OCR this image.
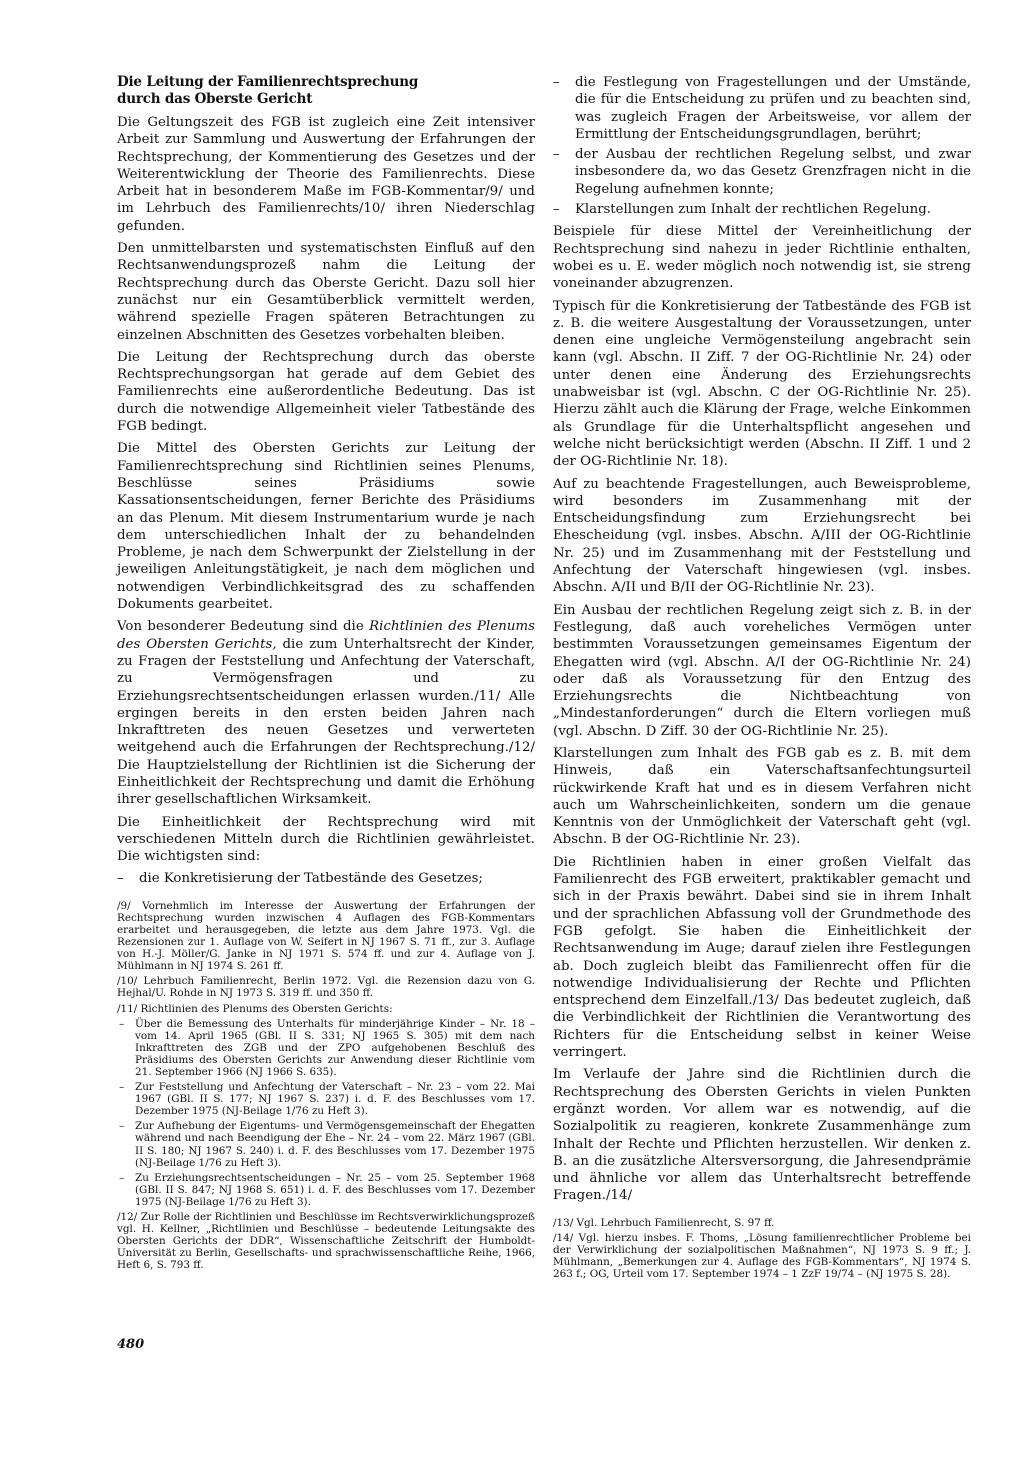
Die Leitung der Familienrechtsprechung
durch das Oberste Gericht

Die Geltungszeit des FGB ist zugleich eine Zeit intensiver Arbeit zur Sammlung und Auswertung der Erfahrungen der Rechtsprechung, der Kommentierung des Gesetzes und der Weiterentwicklung der Theorie des Familienrechts. Diese Arbeit hat in besonderem Maße im FGB-Kommentar/9/ und im Lehrbuch des Familienrechts/10/ ihren Niederschlag gefunden.

Den unmittelbarsten und systematischsten Einfluß auf den Rechtsanwendungsprozeß nahm die Leitung der Rechtsprechung durch das Oberste Gericht. Dazu soll hier zunächst nur ein Gesamtüberblick vermittelt werden, während spezielle Fragen späteren Betrachtungen zu einzelnen Abschnitten des Gesetzes vorbehalten bleiben.

Die Leitung der Rechtsprechung durch das oberste Rechtsprechungsorgan hat gerade auf dem Gebiet des Familienrechts eine außerordentliche Bedeutung. Das ist durch die notwendige Allgemeinheit vieler Tatbestände des FGB bedingt.

Die Mittel des Obersten Gerichts zur Leitung der Familienrechtsprechung sind Richtlinien seines Plenums, Beschlüsse seines Präsidiums sowie Kassationsentscheidungen, ferner Berichte des Präsidiums an das Plenum. Mit diesem Instrumentarium wurde je nach dem unterschiedlichen Inhalt der zu behandelnden Probleme, je nach dem Schwerpunkt der Zielstellung in der jeweiligen Anleitungstätigkeit, je nach dem möglichen und notwendigen Verbindlichkeitsgrad des zu schaffenden Dokuments gearbeitet.

Von besonderer Bedeutung sind die Richtlinien des Plenums des Obersten Gerichts, die zum Unterhaltsrecht der Kinder, zu Fragen der Feststellung und Anfechtung der Vaterschaft, zu Vermögensfragen und zu Erziehungsrechtsentscheidungen erlassen wurden./11/ Alle ergingen bereits in den ersten beiden Jahren nach Inkrafttreten des neuen Gesetzes und verwerteten weitgehend auch die Erfahrungen der Rechtsprechung./12/ Die Hauptzielstellung der Richtlinien ist die Sicherung der Einheitlichkeit der Rechtsprechung und damit die Erhöhung ihrer gesellschaftlichen Wirksamkeit.

Die Einheitlichkeit der Rechtsprechung wird mit verschiedenen Mitteln durch die Richtlinien gewährleistet. Die wichtigsten sind:

– die Konkretisierung der Tatbestände des Gesetzes;

/9/ Vornehmlich im Interesse der Auswertung der Erfahrungen der Rechtsprechung wurden inzwischen 4 Auflagen des FGB-Kommentars erarbeitet und herausgegeben, die letzte aus dem Jahre 1973. Vgl. die Rezensionen zur 1. Auflage von W. Seifert in NJ 1967 S. 71 ff., zur 3. Auflage von H.-J. Möller/G. Janke in NJ 1971 S. 574 ff. und zur 4. Auflage von J. Mühlmann in NJ 1974 S. 261 ff.

/10/ Lehrbuch Familienrecht, Berlin 1972. Vgl. die Rezension dazu von G. Hejhal/U. Rohde in NJ 1973 S. 319 ff. und 350 ff.

/11/ Richtlinien des Plenums des Obersten Gerichts:

– Über die Bemessung des Unterhalts für minderjährige Kinder – Nr. 18 – vom 14. April 1965 (GBl. II S. 331; NJ 1965 S. 305) mit dem nach Inkrafttreten des ZGB und der ZPO aufgehobenen Beschluß des Präsidiums des Obersten Gerichts zur Anwendung dieser Richtlinie vom 21. September 1966 (NJ 1966 S. 635).
– Zur Feststellung und Anfechtung der Vaterschaft – Nr. 23 – vom 22. Mai 1967 (GBl. II S. 177; NJ 1967 S. 237) i. d. F. des Beschlusses vom 17. Dezember 1975 (NJ-Beilage 1/76 zu Heft 3).
– Zur Aufhebung der Eigentums- und Vermögensgemeinschaft der Ehegatten während und nach Beendigung der Ehe – Nr. 24 – vom 22. März 1967 (GBl. II S. 180; NJ 1967 S. 240) i. d. F. des Beschlusses vom 17. Dezember 1975 (NJ-Beilage 1/76 zu Heft 3).
– Zu Erziehungsrechtsentscheidungen – Nr. 25 – vom 25. September 1968 (GBl. II S. 847; NJ 1968 S. 651) i. d. F. des Beschlusses vom 17. Dezember 1975 (NJ-Beilage 1/76 zu Heft 3).

/12/ Zur Rolle der Richtlinien und Beschlüsse im Rechtsverwirklichungsprozeß vgl. H. Kellner, „Richtlinien und Beschlüsse – bedeutende Leitungsakte des Obersten Gerichts der DDR“, Wissenschaftliche Zeitschrift der Humboldt-Universität zu Berlin, Gesellschafts- und sprachwissenschaftliche Reihe, 1966, Heft 6, S. 793 ff.

– die Festlegung von Fragestellungen und der Umstände, die für die Entscheidung zu prüfen und zu beachten sind, was zugleich Fragen der Arbeitsweise, vor allem der Ermittlung der Entscheidungsgrundlagen, berührt;
– der Ausbau der rechtlichen Regelung selbst, und zwar insbesondere da, wo das Gesetz Grenzfragen nicht in die Regelung aufnehmen konnte;
– Klarstellungen zum Inhalt der rechtlichen Regelung.

Beispiele für diese Mittel der Vereinheitlichung der Rechtsprechung sind nahezu in jeder Richtlinie enthalten, wobei es u. E. weder möglich noch notwendig ist, sie streng voneinander abzugrenzen.

Typisch für die Konkretisierung der Tatbestände des FGB ist z. B. die weitere Ausgestaltung der Voraussetzungen, unter denen eine ungleiche Vermögensteilung angebracht sein kann (vgl. Abschn. II Ziff. 7 der OG-Richtlinie Nr. 24) oder unter denen eine Änderung des Erziehungsrechts unabweisbar ist (vgl. Abschn. C der OG-Richtlinie Nr. 25). Hierzu zählt auch die Klärung der Frage, welche Einkommen als Grundlage für die Unterhaltspflicht angesehen und welche nicht berücksichtigt werden (Abschn. II Ziff. 1 und 2 der OG-Richtlinie Nr. 18).

Auf zu beachtende Fragestellungen, auch Beweisprobleme, wird besonders im Zusammenhang mit der Entscheidungsfindung zum Erziehungsrecht bei Ehescheidung (vgl. insbes. Abschn. A/III der OG-Richtlinie Nr. 25) und im Zusammenhang mit der Feststellung und Anfechtung der Vaterschaft hingewiesen (vgl. insbes. Abschn. A/II und B/II der OG-Richtlinie Nr. 23).

Ein Ausbau der rechtlichen Regelung zeigt sich z. B. in der Festlegung, daß auch voreheliches Vermögen unter bestimmten Voraussetzungen gemeinsames Eigentum der Ehegatten wird (vgl. Abschn. A/I der OG-Richtlinie Nr. 24) oder daß als Voraussetzung für den Entzug des Erziehungsrechts die Nichtbeachtung von „Mindestanforderungen“ durch die Eltern vorliegen muß (vgl. Abschn. D Ziff. 30 der OG-Richtlinie Nr. 25).

Klarstellungen zum Inhalt des FGB gab es z. B. mit dem Hinweis, daß ein Vaterschaftsanfechtungsurteil rückwirkende Kraft hat und es in diesem Verfahren nicht auch um Wahrscheinlichkeiten, sondern um die genaue Kenntnis von der Unmöglichkeit der Vaterschaft geht (vgl. Abschn. B der OG-Richtlinie Nr. 23).

Die Richtlinien haben in einer großen Vielfalt das Familienrecht des FGB erweitert, praktikabler gemacht und sich in der Praxis bewährt. Dabei sind sie in ihrem Inhalt und der sprachlichen Abfassung voll der Grundmethode des FGB gefolgt. Sie haben die Einheitlichkeit der Rechtsanwendung im Auge; darauf zielen ihre Festlegungen ab. Doch zugleich bleibt das Familienrecht offen für die notwendige Individualisierung der Rechte und Pflichten entsprechend dem Einzelfall./13/ Das bedeutet zugleich, daß die Verbindlichkeit der Richtlinien die Verantwortung des Richters für die Entscheidung selbst in keiner Weise verringert.

Im Verlaufe der Jahre sind die Richtlinien durch die Rechtsprechung des Obersten Gerichts in vielen Punkten ergänzt worden. Vor allem war es notwendig, auf die Sozialpolitik zu reagieren, konkrete Zusammenhänge zum Inhalt der Rechte und Pflichten herzustellen. Wir denken z. B. an die zusätzliche Altersversorgung, die Jahresendprämie und ähnliche vor allem das Unterhaltsrecht betreffende Fragen./14/

/13/ Vgl. Lehrbuch Familienrecht, S. 97 ff.

/14/ Vgl. hierzu insbes. F. Thoms, „Lösung familienrechtlicher Probleme bei der Verwirklichung der sozialpolitischen Maßnahmen“, NJ 1973 S. 9 ff.; J. Mühlmann, „Bemerkungen zur 4. Auflage des FGB-Kommentars“, NJ 1974 S. 263 f.; OG, Urteil vom 17. September 1974 – 1 ZzF 19/74 – (NJ 1975 S. 28).

480
